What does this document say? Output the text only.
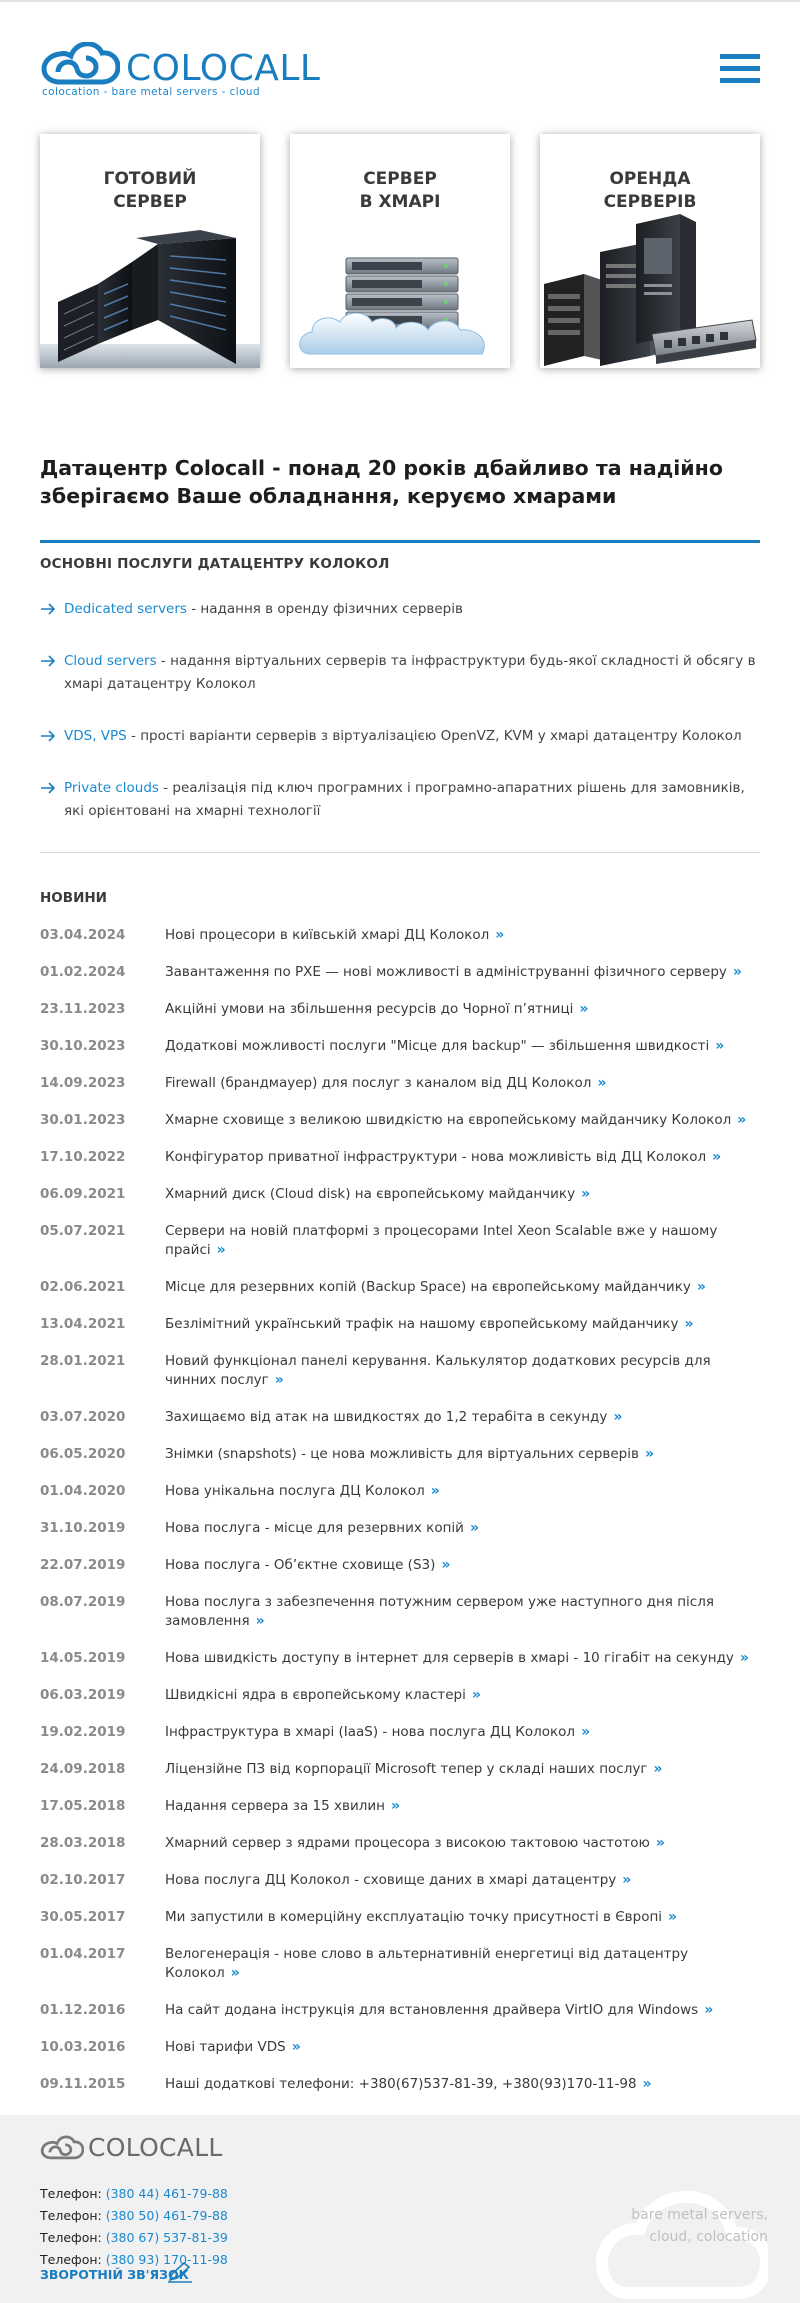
COLOCALL
colocation - bare metal servers - cloud
ГОТОВИЙ
СЕРВЕР
СЕРВЕР
В ХМАРІ
ОРЕНДА
СЕРВЕРІВ
Датацентр Colocall - понад 20 років дбайливо та надійно зберігаємо Ваше обладнання, керуємо хмарами
ОСНОВНІ ПОСЛУГИ ДАТАЦЕНТРУ КОЛОКОЛ
Dedicated servers - надання в оренду фізичних серверів
Cloud servers - надання віртуальних серверів та інфраструктури будь-якої складності й обсягу в хмарі датацентру Колокол
VDS, VPS - прості варіанти серверів з віртуалізацією OpenVZ, KVM у хмарі датацентру Колокол
Private clouds - реалізація під ключ програмних і програмно-апаратних рішень для замовників, які орієнтовані на хмарні технології
НОВИНИ
03.04.2024	Нові процесори в київській хмарі ДЦ Колокол »
01.02.2024	Завантаження по PXE — нові можливості в адмініструванні фізичного серверу »
23.11.2023	Акційні умови на збільшення ресурсів до Чорної п’ятниці »
30.10.2023	Додаткові можливості послуги "Місце для backup" — збільшення швидкості »
14.09.2023	Firewall (брандмауер) для послуг з каналом від ДЦ Колокол »
30.01.2023	Хмарне сховище з великою швидкістю на європейському майданчику Колокол »
17.10.2022	Конфігуратор приватної інфраструктури - нова можливість від ДЦ Колокол »
06.09.2021	Хмарний диск (Cloud disk) на європейському майданчику »
05.07.2021	Сервери на новій платформі з процесорами Intel Xeon Scalable вже у нашому прайсі »
02.06.2021	Місце для резервних копій (Backup Space) на європейському майданчику »
13.04.2021	Безлімітний український трафік на нашому європейському майданчику »
28.01.2021	Новий функціонал панелі керування. Калькулятор додаткових ресурсів для чинних послуг »
03.07.2020	Захищаємо від атак на швидкостях до 1,2 терабіта в секунду »
06.05.2020	Знімки (snapshots) - це нова можливість для віртуальних серверів »
01.04.2020	Нова унікальна послуга ДЦ Колокол »
31.10.2019	Нова послуга - місце для резервних копій »
22.07.2019	Нова послуга - Об’єктне сховище (S3) »
08.07.2019	Нова послуга з забезпечення потужним сервером уже наступного дня після замовлення »
14.05.2019	Нова швидкість доступу в інтернет для серверів в хмарі - 10 гігабіт на секунду »
06.03.2019	Швидкісні ядра в європейському кластері »
19.02.2019	Інфраструктура в хмарі (IaaS) - нова послуга ДЦ Колокол »
24.09.2018	Ліцензійне ПЗ від корпорації Microsoft тепер у складі наших послуг »
17.05.2018	Надання сервера за 15 хвилин »
28.03.2018	Хмарний сервер з ядрами процесора з високою тактовою частотою »
02.10.2017	Нова послуга ДЦ Колокол - сховище даних в хмарі датацентру »
30.05.2017	Ми запустили в комерційну експлуатацію точку присутності в Європі »
01.04.2017	Велогенерація - нове слово в альтернативній енергетиці від датацентру Колокол »
01.12.2016	На сайт додана інструкція для встановлення драйвера VirtIO для Windows »
10.03.2016	Нові тарифи VDS »
09.11.2015	Наші додаткові телефони: +380(67)537-81-39, +380(93)170-11-98 »
bare metal servers,
cloud, colocation
COLOCALL
Телефон: (380 44) 461-79-88
Телефон: (380 50) 461-79-88
Телефон: (380 67) 537-81-39
Телефон: (380 93) 170-11-98
ЗВОРОТНІЙ ЗВ'ЯЗОК
